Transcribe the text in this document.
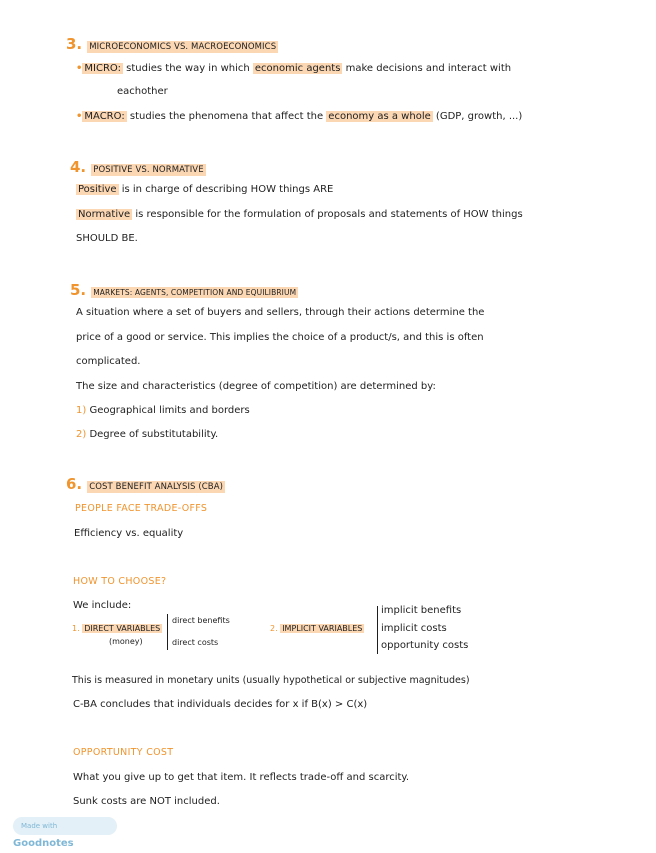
3. MICROECONOMICS VS. MACROECONOMICS
• MICRO: studies the way in which economic agents make decisions and interact with
eachother
• MACRO: studies the phenomena that affect the economy as a whole (GDP, growth, ...)
4. POSITIVE VS. NORMATIVE
Positive is in charge of describing HOW things ARE
Normative is responsible for the formulation of proposals and statements of HOW things
SHOULD BE.
5. MARKETS: AGENTS, COMPETITION AND EQUILIBRIUM
A situation where a set of buyers and sellers, through their actions determine the
price of a good or service. This implies the choice of a product/s, and this is often
complicated.
The size and characteristics (degree of competition) are determined by:
1) Geographical limits and borders
2) Degree of substitutability.
6. COST BENEFIT ANALYSIS (CBA)
PEOPLE FACE TRADE-OFFS
Efficiency vs. equality
HOW TO CHOOSE?
We include:
1. DIRECT VARIABLES
(money)
direct benefits
direct costs
2. IMPLICIT VARIABLES
implicit benefits
implicit costs
opportunity costs
This is measured in monetary units (usually hypothetical or subjective magnitudes)
C-BA concludes that individuals decides for x if B(x) > C(x)
OPPORTUNITY COST
What you give up to get that item. It reflects trade-off and scarcity.
Sunk costs are NOT included.
Made with Goodnotes
